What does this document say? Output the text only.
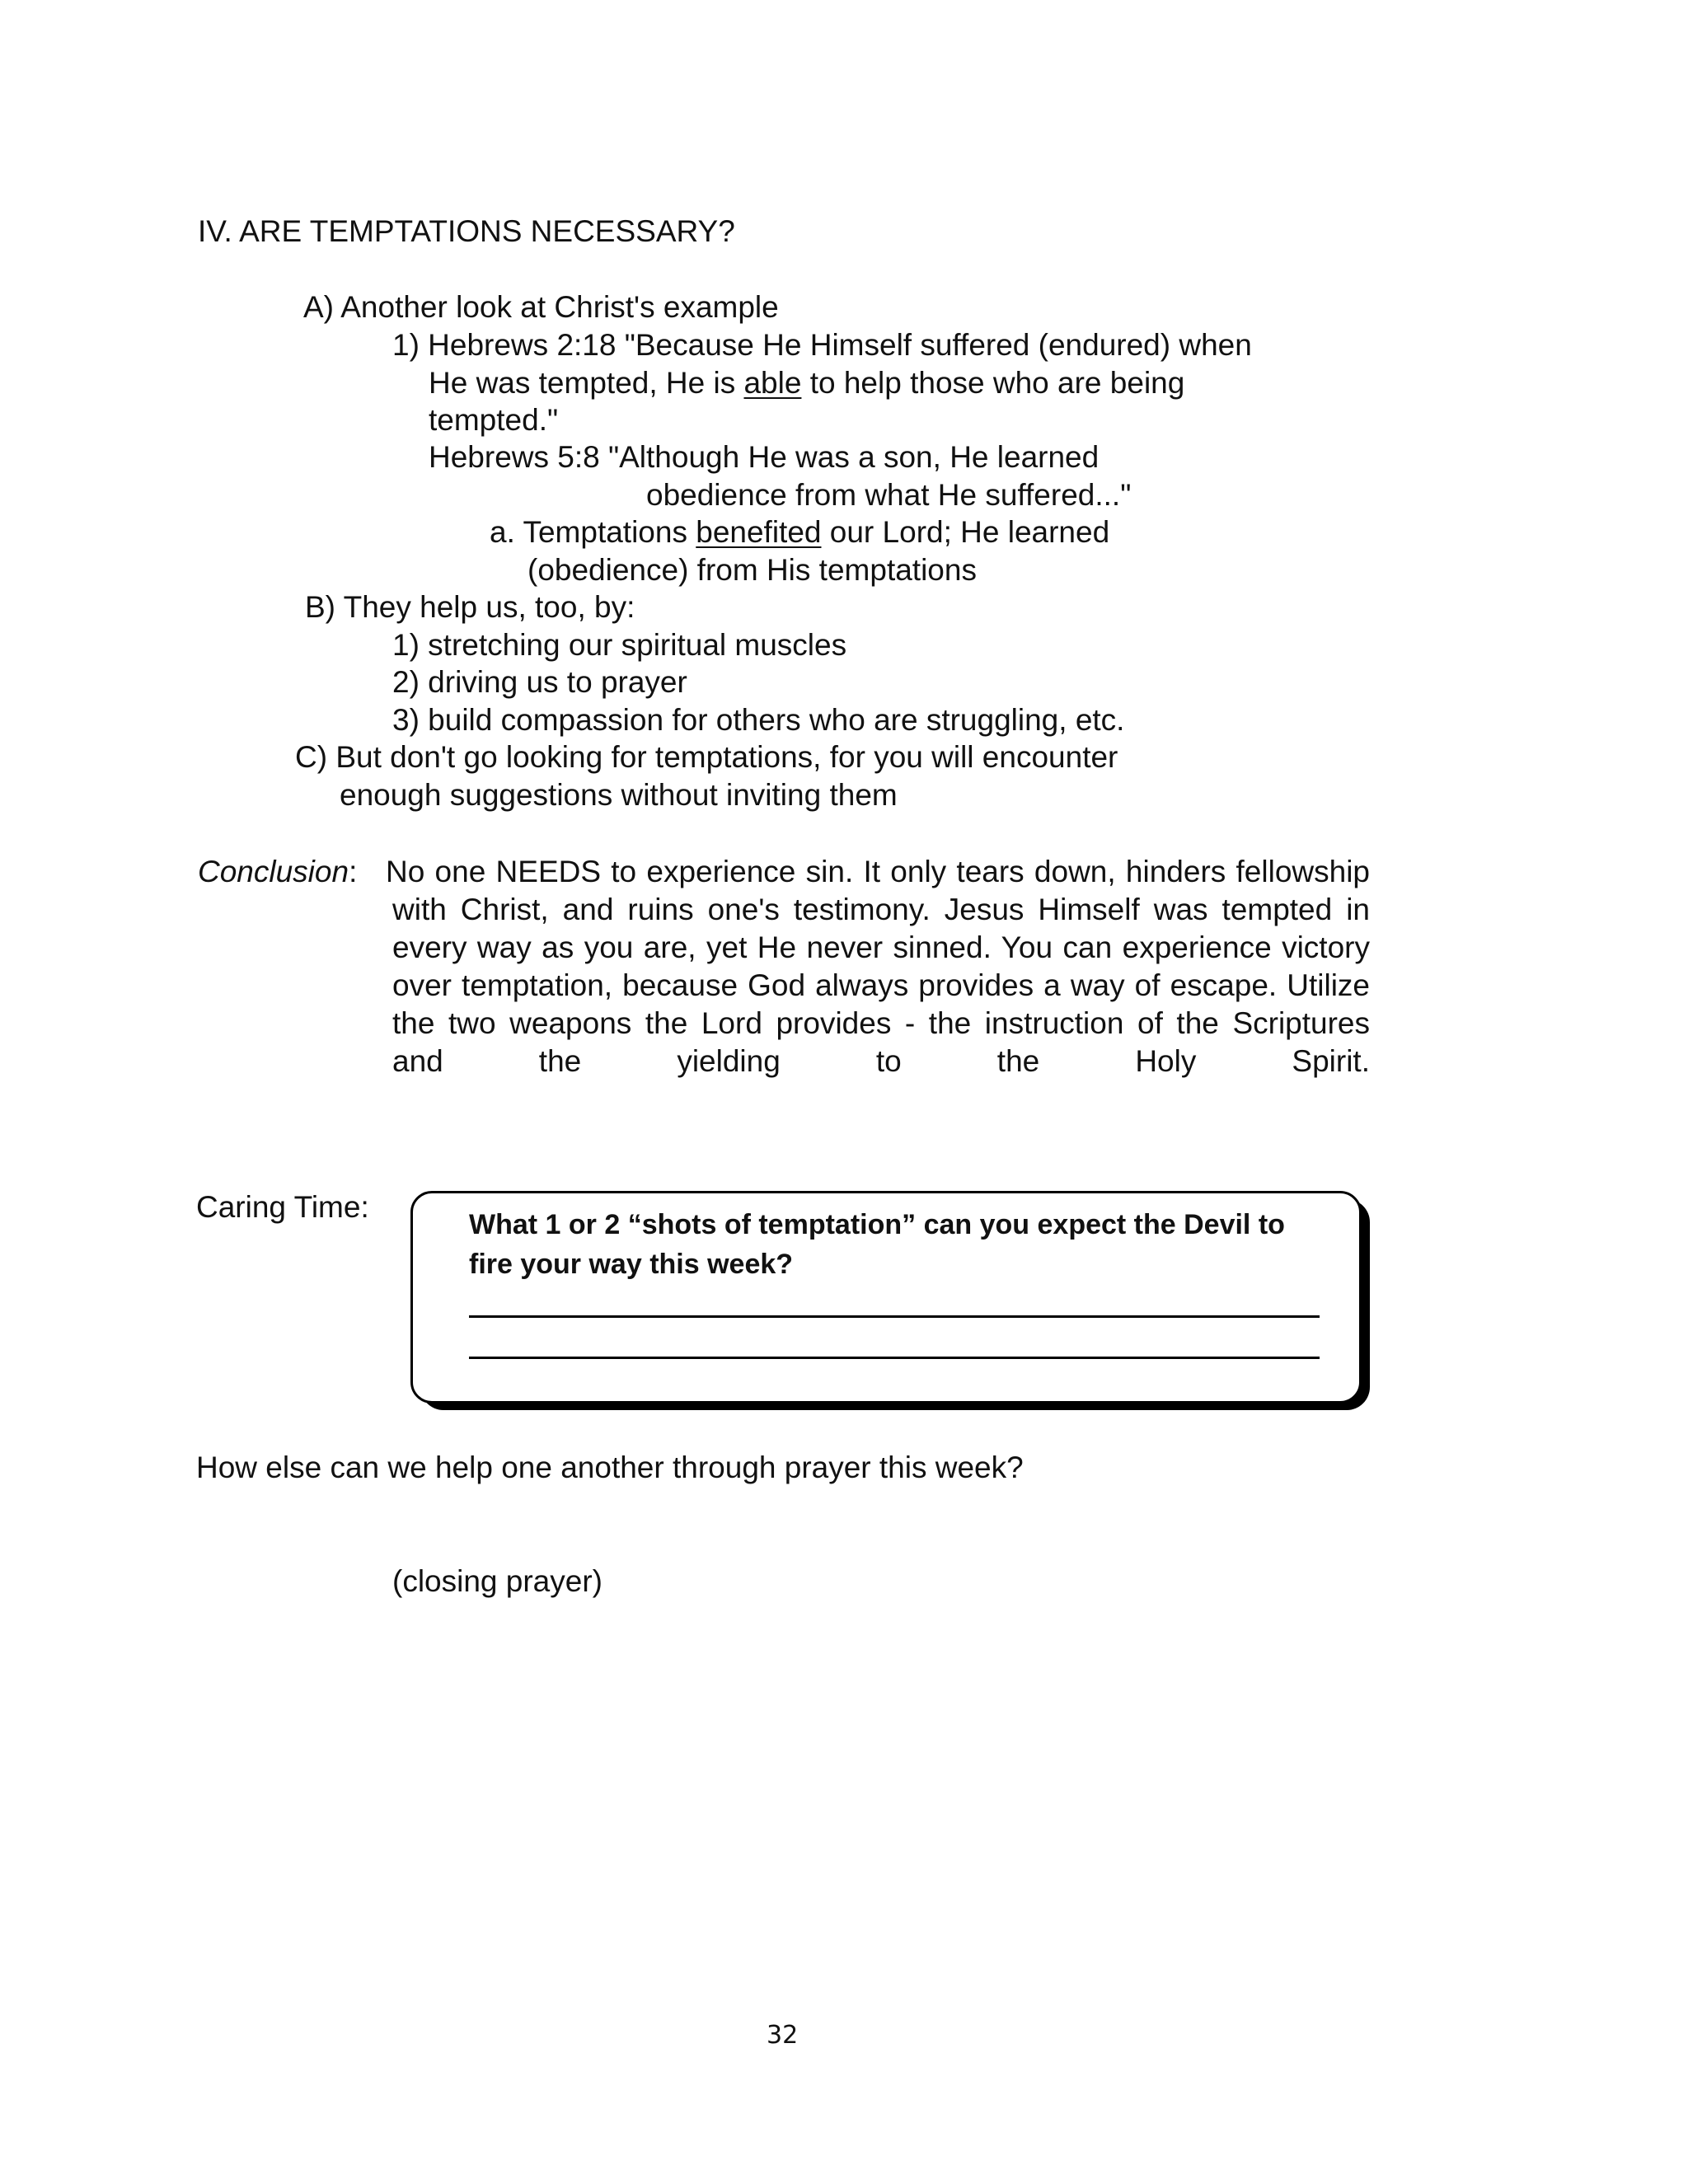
IV. ARE TEMPTATIONS NECESSARY?
A) Another look at Christ's example
1) Hebrews 2:18 "Because He Himself suffered (endured) when
He was tempted, He is able to help those who are being
tempted."
Hebrews 5:8 "Although He was a son, He learned
obedience from what He suffered..."
a. Temptations benefited our Lord; He learned
(obedience) from His temptations
B) They help us, too, by:
1) stretching our spiritual muscles
2) driving us to prayer
3) build compassion for others who are struggling, etc.
C) But don't go looking for temptations, for you will encounter
enough suggestions without inviting them
Conclusion: No one NEEDS to experience sin. It only tears down, hinders fellowship with Christ, and ruins one's testimony. Jesus Himself was tempted in every way as you are, yet He never sinned. You can experience victory over temptation, because God always provides a way of escape. Utilize the two weapons the Lord provides - the instruction of the Scriptures and the yielding to the Holy Spirit.
Caring Time:
What 1 or 2 “shots of temptation” can you expect the Devil to fire your way this week?
How else can we help one another through prayer this week?
(closing prayer)
32
